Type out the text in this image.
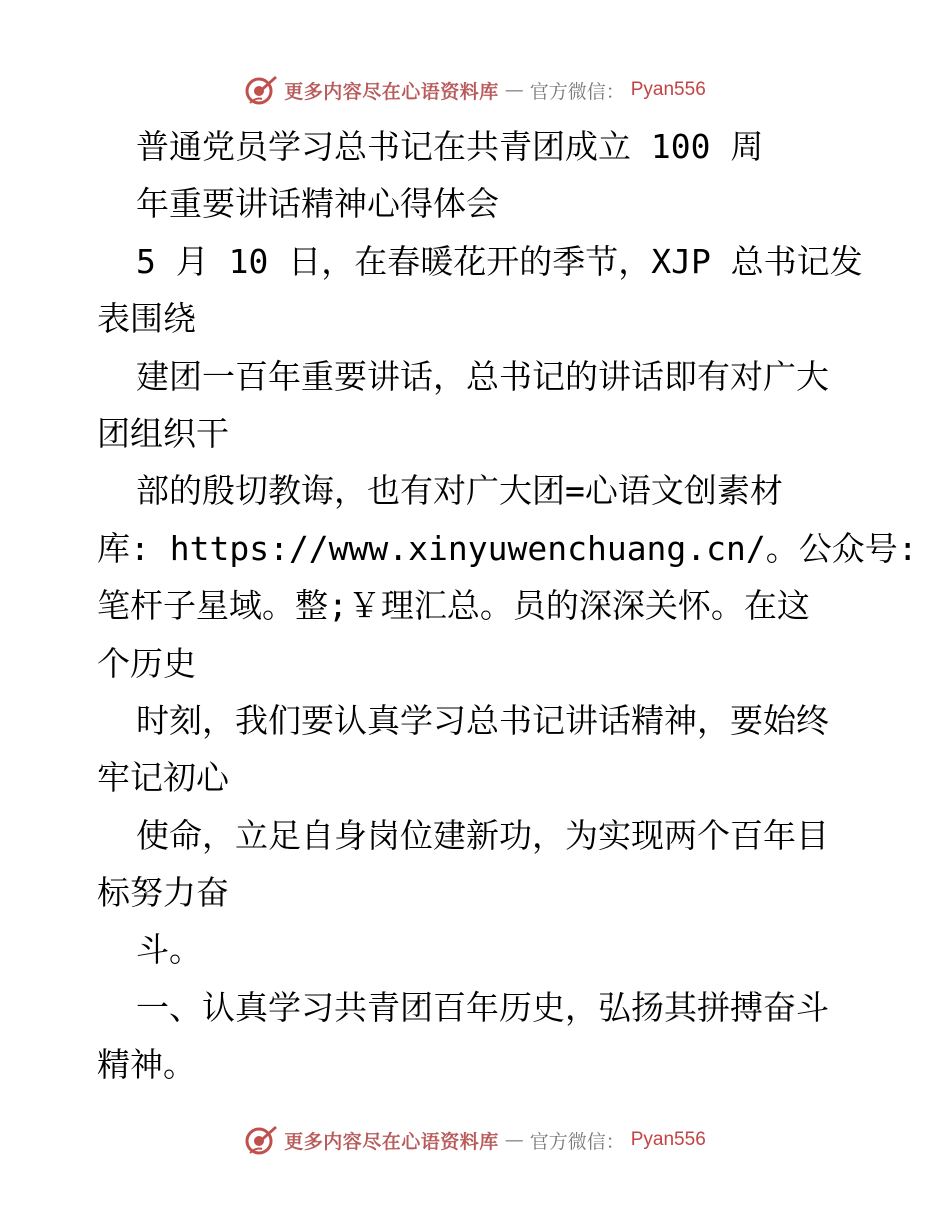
更多内容尽在心语资料库 — 官方微信： Pyan556
普通党员学习总书记在共青团成立 100 周
年重要讲话精神心得体会
5 月 10 日，在春暖花开的季节，XJP 总书记发
表围绕
建团一百年重要讲话，总书记的讲话即有对广大
团组织干
部的殷切教诲，也有对广大团=心语文创素材
库: https://www.xinyuwenchuang.cn/。公众号:
笔杆子星域。整;￥理汇总。员的深深关怀。在这
个历史
时刻，我们要认真学习总书记讲话精神，要始终
牢记初心
使命，立足自身岗位建新功，为实现两个百年目
标努力奋
斗。
一、认真学习共青团百年历史，弘扬其拼搏奋斗
精神。
更多内容尽在心语资料库 — 官方微信： Pyan556
